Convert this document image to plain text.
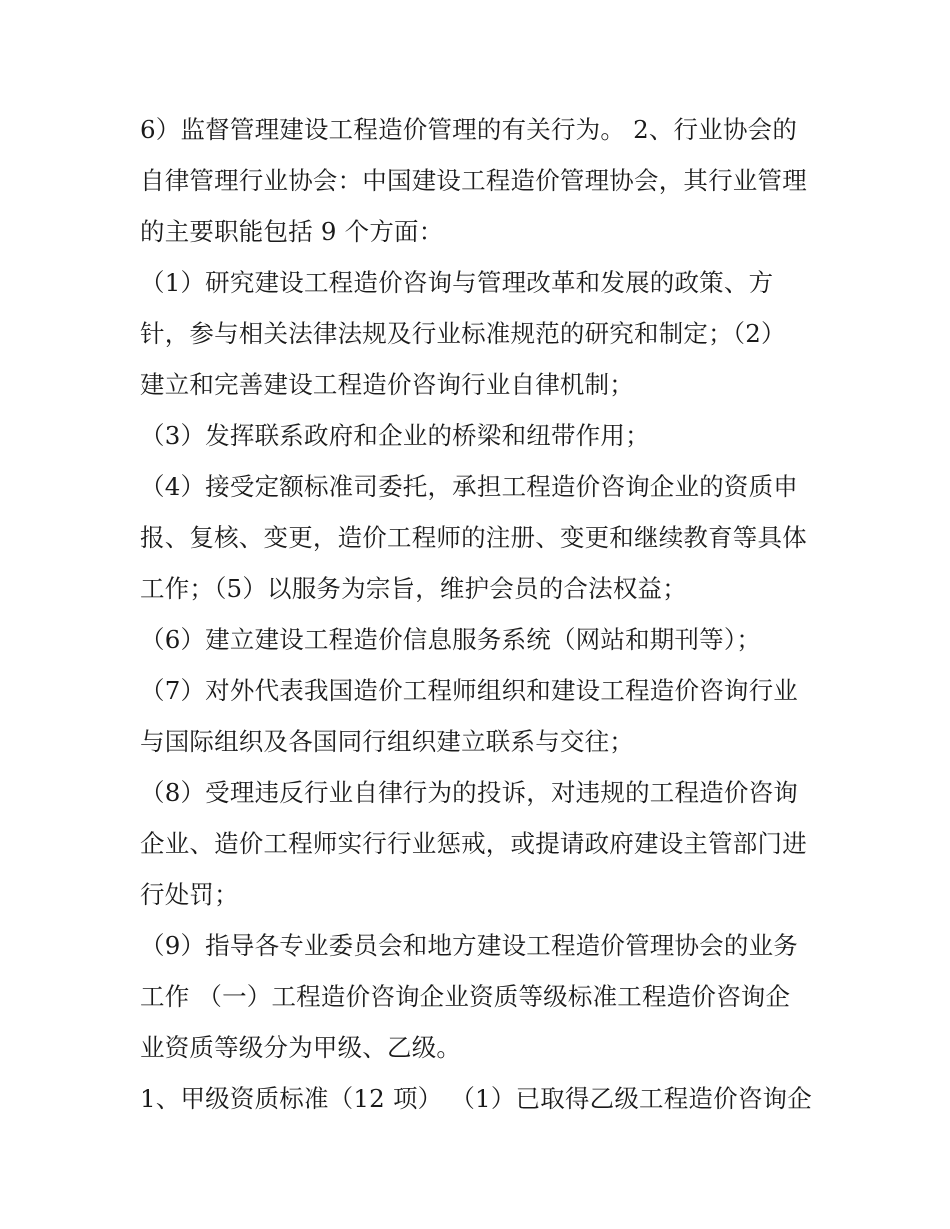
6）监督管理建设工程造价管理的有关行为。 2、行业协会的
自律管理行业协会：中国建设工程造价管理协会，其行业管理
的主要职能包括 9 个方面：
（1）研究建设工程造价咨询与管理改革和发展的政策、方
针，参与相关法律法规及行业标准规范的研究和制定；（2）
建立和完善建设工程造价咨询行业自律机制；
（3）发挥联系政府和企业的桥梁和纽带作用；
（4）接受定额标准司委托，承担工程造价咨询企业的资质申
报、复核、变更，造价工程师的注册、变更和继续教育等具体
工作；（5）以服务为宗旨，维护会员的合法权益；
（6）建立建设工程造价信息服务系统（网站和期刊等）；
（7）对外代表我国造价工程师组织和建设工程造价咨询行业
与国际组织及各国同行组织建立联系与交往；
（8）受理违反行业自律行为的投诉，对违规的工程造价咨询
企业、造价工程师实行行业惩戒，或提请政府建设主管部门进
行处罚；
（9）指导各专业委员会和地方建设工程造价管理协会的业务
工作 （一）工程造价咨询企业资质等级标准工程造价咨询企
业资质等级分为甲级、乙级。
1、甲级资质标准（12 项） （1）已取得乙级工程造价咨询企
